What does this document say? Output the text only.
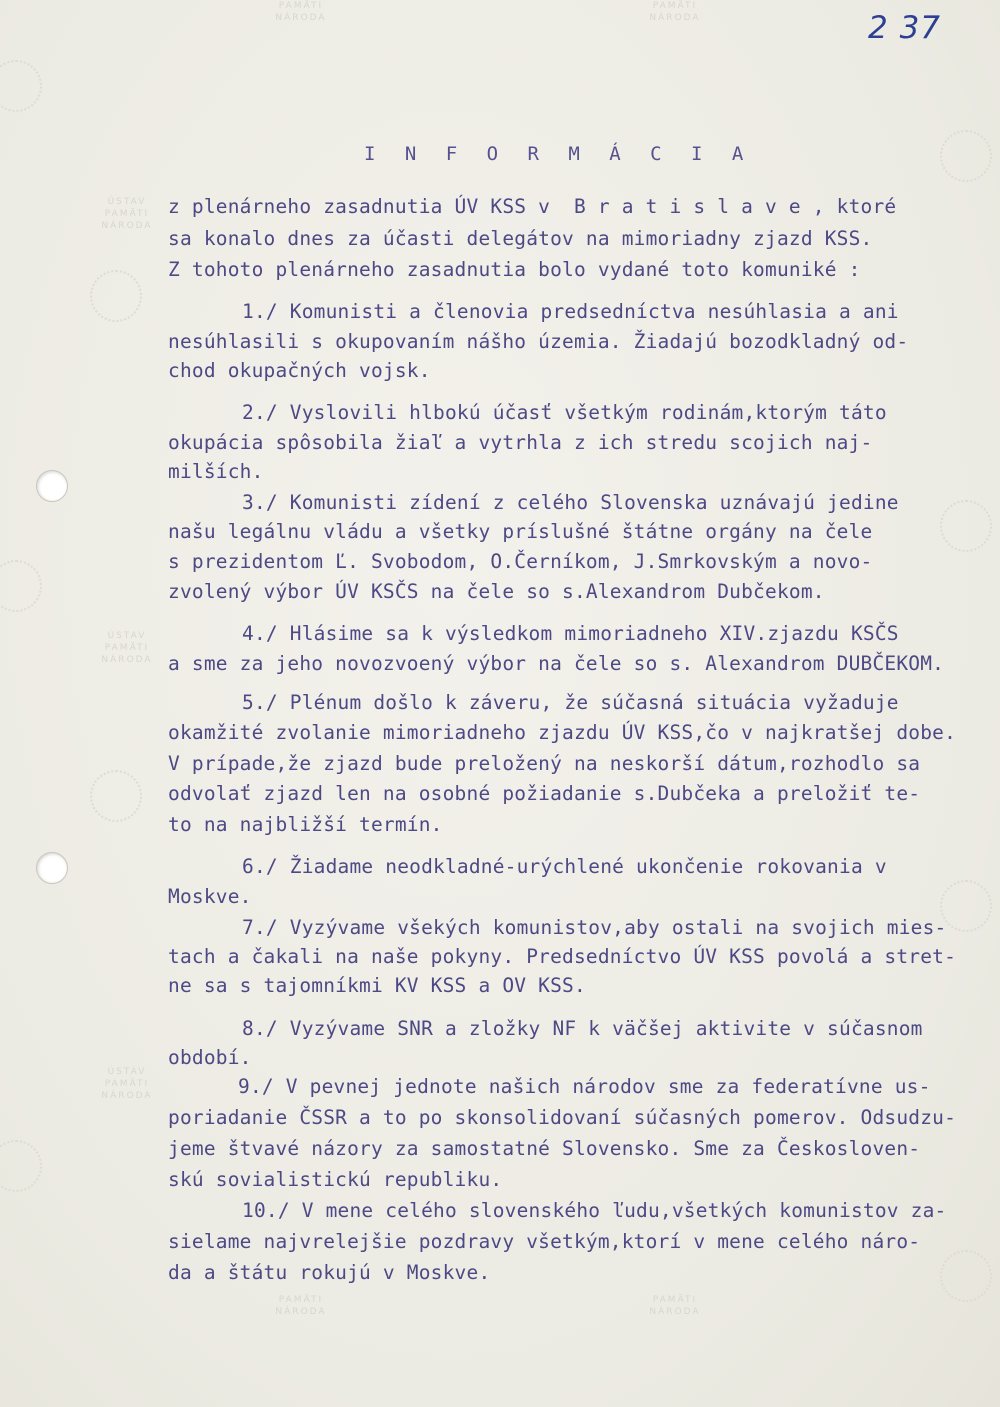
PAMÄTI
NÁRODA
PAMÄTI
NÁRODA
ÚSTAV
PAMÄTI
NÁRODA
ÚSTAV
PAMÄTI
NÁRODA
ÚSTAV
PAMÄTI
NÁRODA
PAMÄTI
NÁRODA
PAMÄTI
NÁRODA
2 37
I N F O R M Á C I A
z plenárneho zasadnutia ÚV KSS v  B r a t i s l a v e , ktoré
sa konalo dnes za účasti delegátov na mimoriadny zjazd KSS.
Z tohoto plenárneho zasadnutia bolo vydané toto komuniké :
1./ Komunisti a členovia predsedníctva nesúhlasia a ani
nesúhlasili s okupovaním nášho územia. Žiadajú bozodkladný od-
chod okupačných vojsk.
2./ Vyslovili hlbokú účasť všetkým rodinám,ktorým táto
okupácia spôsobila žiaľ a vytrhla z ich stredu scojich naj-
milších.
3./ Komunisti zídení z celého Slovenska uznávajú jedine
našu legálnu vládu a všetky príslušné štátne orgány na čele
s prezidentom Ľ. Svobodom, O.Černíkom, J.Smrkovským a novo-
zvolený výbor ÚV KSČS na čele so s.Alexandrom Dubčekom.
4./ Hlásime sa k výsledkom mimoriadneho XIV.zjazdu KSČS
a sme za jeho novozvoený výbor na čele so s. Alexandrom DUBČEKOM.
5./ Plénum došlo k záveru, že súčasná situácia vyžaduje
okamžité zvolanie mimoriadneho zjazdu ÚV KSS,čo v najkratšej dobe.
V prípade,že zjazd bude preložený na neskorší dátum,rozhodlo sa
odvolať zjazd len na osobné požiadanie s.Dubčeka a preložiť te-
to na najbližší termín.
6./ Žiadame neodkladné-urýchlené ukončenie rokovania v
Moskve.
7./ Vyzývame všekých komunistov,aby ostali na svojich mies-
tach a čakali na naše pokyny. Predsedníctvo ÚV KSS povolá a stret-
ne sa s tajomníkmi KV KSS a OV KSS.
8./ Vyzývame SNR a zložky NF k väčšej aktivite v súčasnom
období.
9./ V pevnej jednote našich národov sme za federatívne us-
poriadanie ČSSR a to po skonsolidovaní súčasných pomerov. Odsudzu-
jeme štvavé názory za samostatné Slovensko. Sme za Českosloven-
skú sovialistickú republiku.
10./ V mene celého slovenského ľudu,všetkých komunistov za-
sielame najvrelejšie pozdravy všetkým,ktorí v mene celého náro-
da a štátu rokujú v Moskve.
